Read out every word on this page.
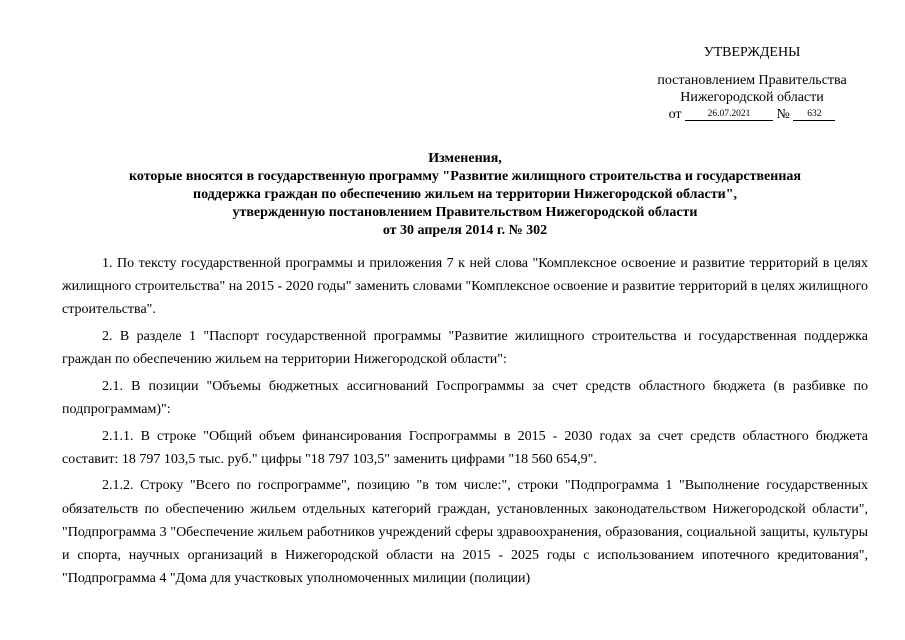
УТВЕРЖДЕНЫ
постановлением Правительства
Нижегородской области
от	26.07.2021 № 632
Изменения,
которые вносятся в государственную программу "Развитие жилищного строительства и государственная
поддержка граждан по обеспечению жильем на территории Нижегородской области",
утвержденную постановлением Правительством Нижегородской области
от 30 апреля 2014 г. № 302

1. По тексту государственной программы и приложения 7 к ней слова "Комплексное освоение и развитие территорий в целях жилищного строительства" на 2015 - 2020 годы" заменить словами "Комплексное освоение и развитие территорий в целях жилищного строительства".

2. В разделе 1 "Паспорт государственной программы "Развитие жилищного строительства и государственная поддержка граждан по обеспечению жильем на территории Нижегородской области":

2.1. В позиции "Объемы бюджетных ассигнований Госпрограммы за счет средств областного бюджета (в разбивке по подпрограммам)":

2.1.1. В строке "Общий объем финансирования Госпрограммы в 2015 - 2030 годах за счет средств областного бюджета составит: 18 797 103,5 тыс. руб." цифры "18 797 103,5" заменить цифрами "18 560 654,9".

2.1.2. Строку "Всего по госпрограмме", позицию "в том числе:", строки "Подпрограмма 1 "Выполнение государственных обязательств по обеспечению жильем отдельных категорий граждан, установленных законодательством Нижегородской области", "Подпрограмма 3 "Обеспечение жильем работников учреждений сферы здравоохранения, образования, социальной защиты, культуры и спорта, научных организаций в Нижегородской области на 2015 - 2025 годы с использованием ипотечного кредитования", "Подпрограмма 4 "Дома для участковых уполномоченных милиции (полиции)
